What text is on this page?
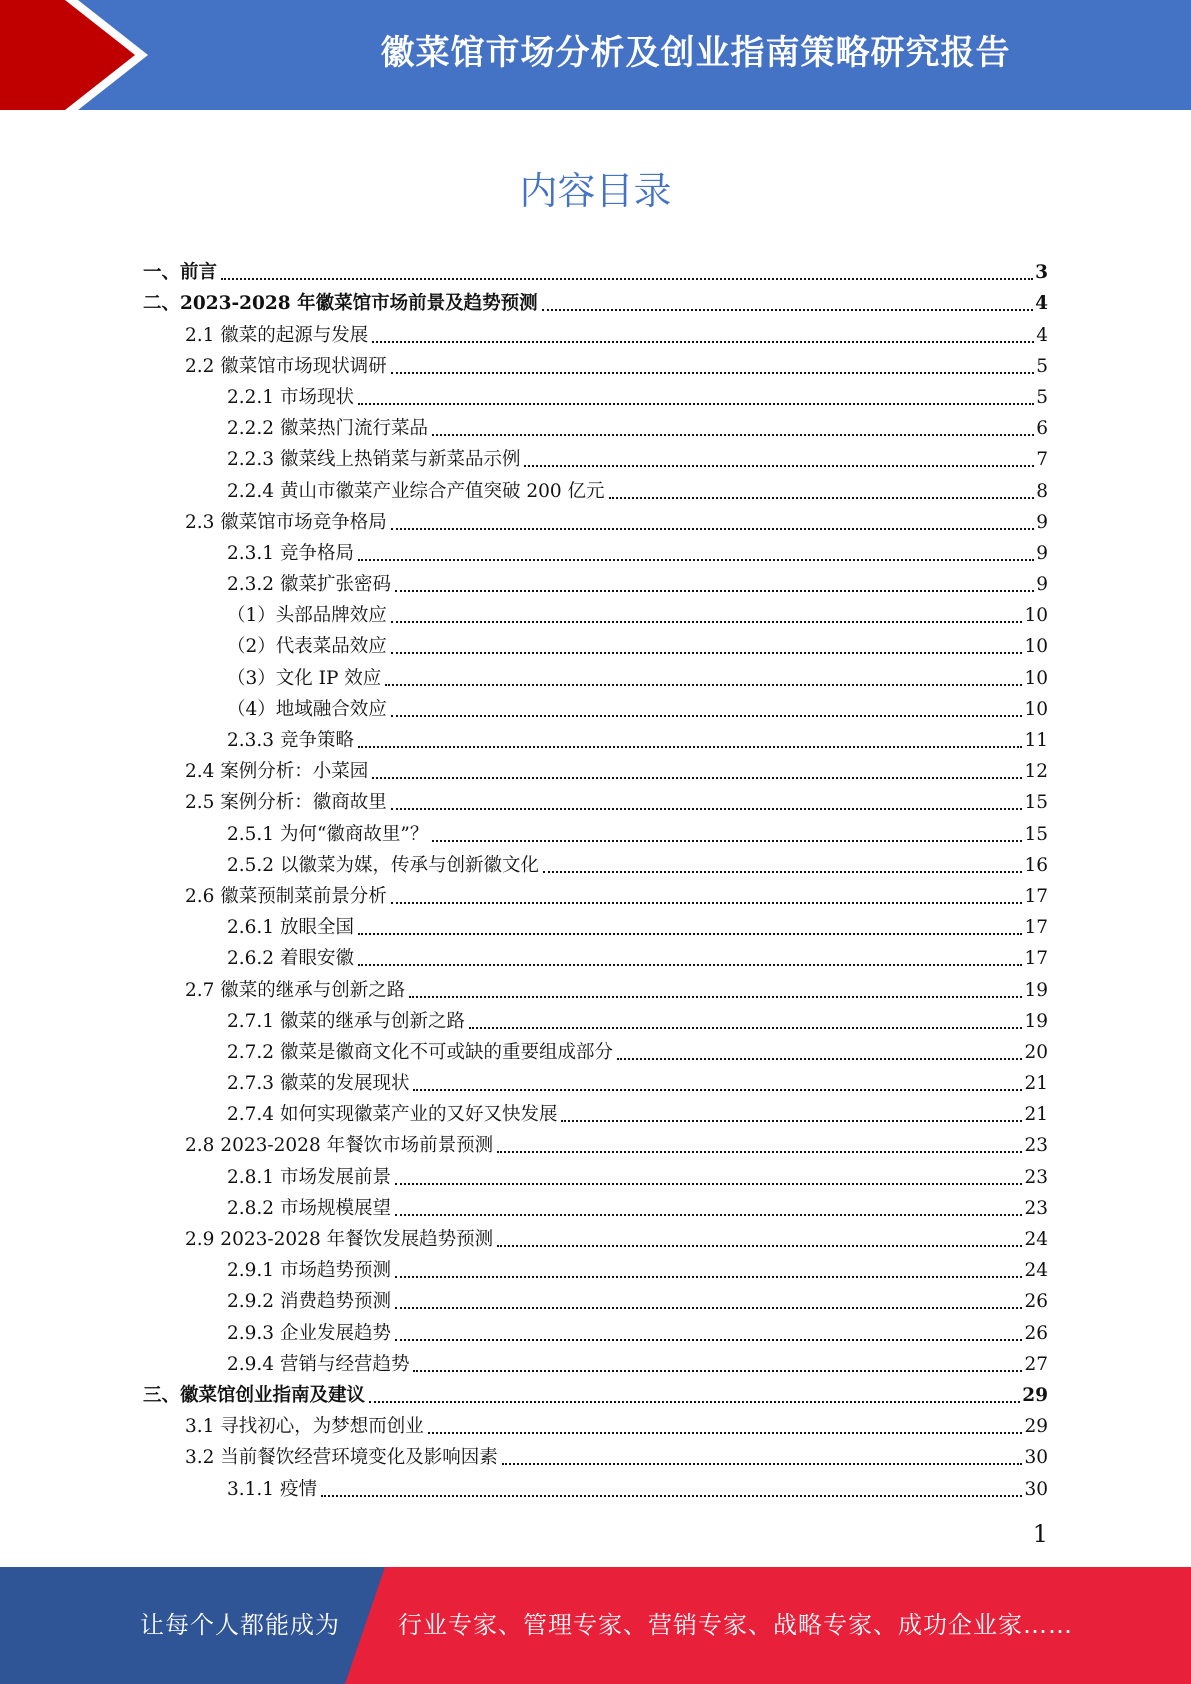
徽菜馆市场分析及创业指南策略研究报告
内容目录
一、前言	3
二、2023-2028 年徽菜馆市场前景及趋势预测	4
2.1 徽菜的起源与发展	4
2.2 徽菜馆市场现状调研	5
2.2.1 市场现状	5
2.2.2 徽菜热门流行菜品	6
2.2.3 徽菜线上热销菜与新菜品示例	7
2.2.4 黄山市徽菜产业综合产值突破 200 亿元	8
2.3 徽菜馆市场竞争格局	9
2.3.1 竞争格局	9
2.3.2 徽菜扩张密码	9
（1）头部品牌效应	10
（2）代表菜品效应	10
（3）文化 IP 效应	10
（4）地域融合效应	10
2.3.3 竞争策略	11
2.4 案例分析：小菜园	12
2.5 案例分析：徽商故里	15
2.5.1 为何“徽商故里”？	15
2.5.2 以徽菜为媒，传承与创新徽文化	16
2.6 徽菜预制菜前景分析	17
2.6.1 放眼全国	17
2.6.2 着眼安徽	17
2.7 徽菜的继承与创新之路	19
2.7.1 徽菜的继承与创新之路	19
2.7.2 徽菜是徽商文化不可或缺的重要组成部分	20
2.7.3 徽菜的发展现状	21
2.7.4 如何实现徽菜产业的又好又快发展	21
2.8 2023-2028 年餐饮市场前景预测	23
2.8.1 市场发展前景	23
2.8.2 市场规模展望	23
2.9 2023-2028 年餐饮发展趋势预测	24
2.9.1 市场趋势预测	24
2.9.2 消费趋势预测	26
2.9.3 企业发展趋势	26
2.9.4 营销与经营趋势	27
三、徽菜馆创业指南及建议	29
3.1 寻找初心，为梦想而创业	29
3.2 当前餐饮经营环境变化及影响因素	30
3.1.1 疫情	30
1
让每个人都能成为 行业专家、管理专家、营销专家、战略专家、成功企业家……
